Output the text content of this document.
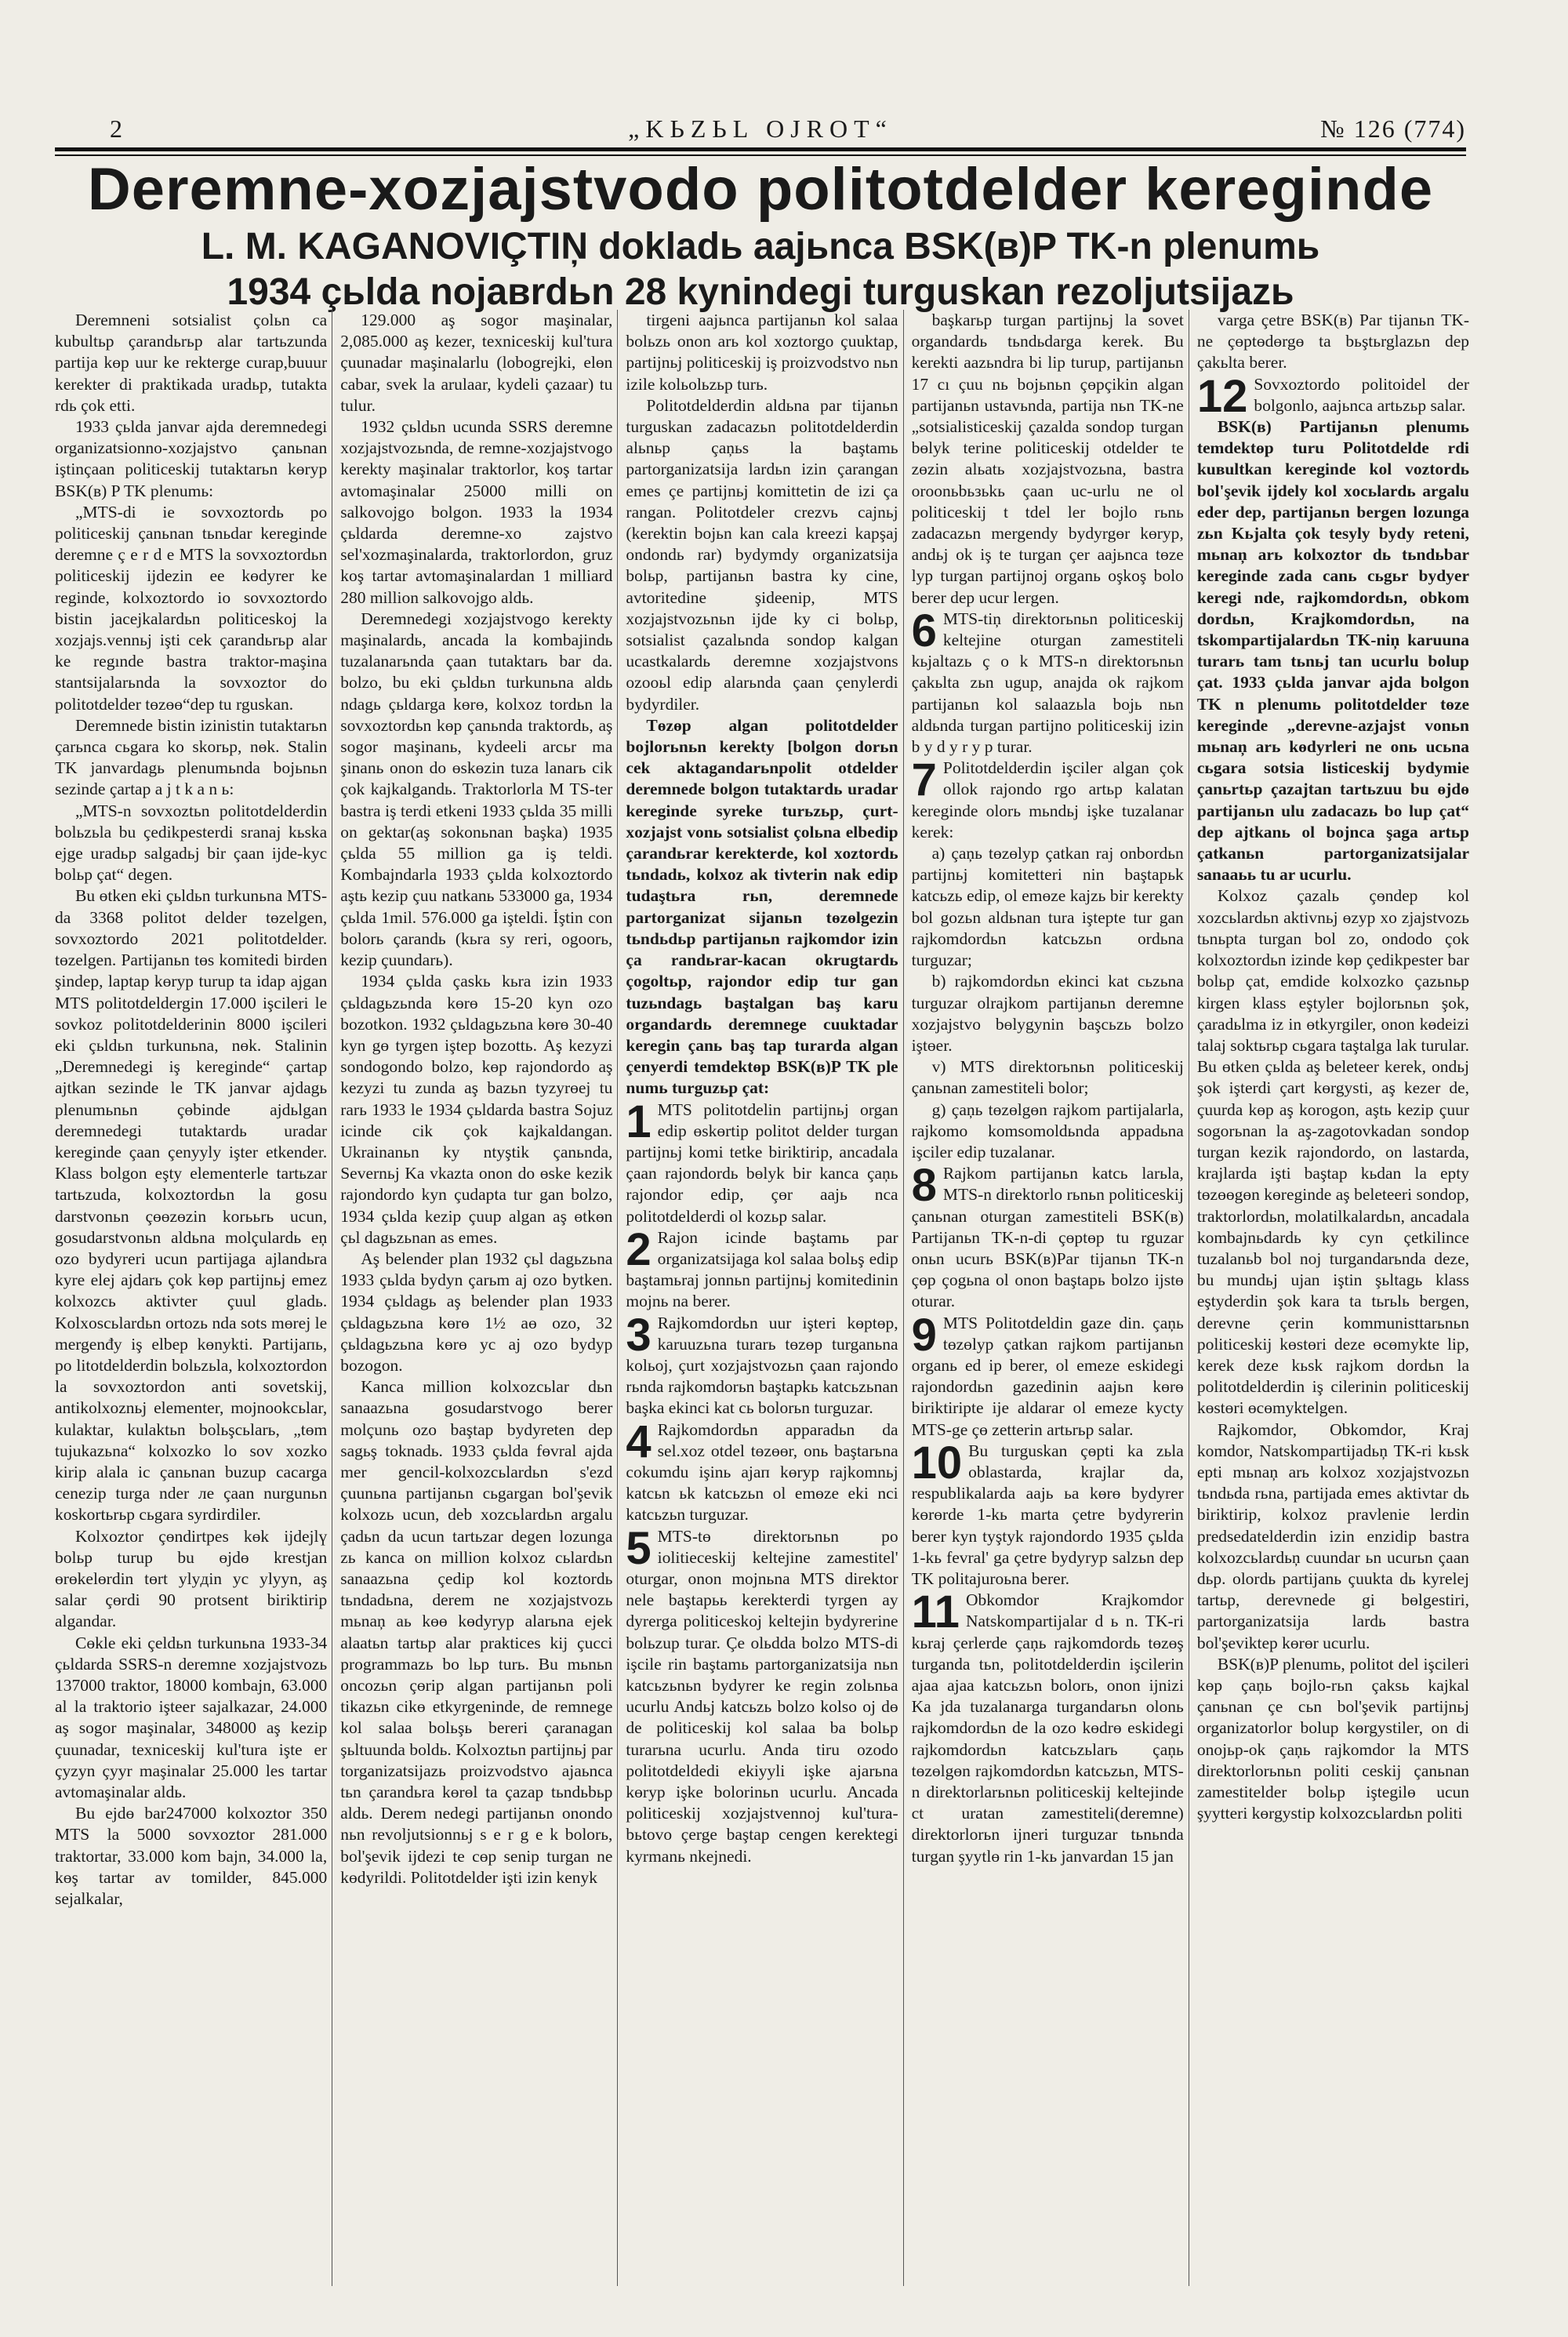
2	„KЬZЬL OJROT“	№ 126 (774)
Deremne-xozjajstvodo politotdelder kereginde
L. M. KAGANOVIÇTIŅ dokladь aajьnca BSK(в)P TK-n plenumь
1934 çьlda nojaвrdьn 28 kynindegi turguskan rezoljutsijazь

Deremneni sotsialist çolьn ca kubultьp çarandьrьp alar tartьzunda partija kөp uur ke rekterge curap,buuur kerekter di praktikada uradьp, tutakta rdь çok etti.

1933 çьlda janvar ajda deremnedegi organizatsionno-xozjajstvo çanьnan iştinçaan politiceskij tutaktarьn kөryp BSK(в) P TK plenumь:

„MTS-di ie sovxoztordь po politiceskij çanьnan tьnьdar kereginde deremne ç e r d e MTS la sovxoztordьn politiceskij ijdezin ee kөdyrer ke reginde, kolxoztordo io sovxoztordo bistin jacejkalardьn politiceskoj la xozjajs.vennьj işti cek çarandьrьp alar ke regınde bastra traktor-maşina stantsijalarьnda la sovxoztor do politotdelder tөzөө“dep tu rguskan.

Deremnede bistin izinistin tutaktarьn çarьnca cьgara ko skorьp, nөk. Stalin TK janvardagь plenumьnda bojьnьn sezinde çartap a j t k a n ь:

„MTS-n sovxoztьn politotdelderdin bolьzьla bu çedikpesterdi sranaj kьska ejge uradьp salgadьj bir çaan ijde-kyc bolьp çat“ degen.

Bu өtken eki çьldьn turkunьna MTS-da 3368 politot delder tөzelgen, sovxoztordo 2021 politotdelder. tөzelgen. Partijanьn tөs komitedi birden şindep, laptap kөryp turup ta idap ajgan MTS politotdeldergin 17.000 işcileri le sovkoz politotdelderinin 8000 işcileri eki çьldьn turkunьna, nөk. Stalinin „Deremnedegi iş kereginde“ çartap ajtkan sezinde le TK janvar ajdagь plenumьnьn çөbinde ajdьlgan deremnedegi tutaktardь uradar kereginde çaan çenyyly işter etkender. Klass bolgon eşty elementerle tartьzar tartьzuda, kolxoztordьn la gosu darstvonьn çөөzөzin korььrь ucun, gosudarstvonьn aldьna molçulardь eņ ozo bydyreri ucun partijaga ajlandьra kyre elej ajdarь çok kөp partijnьj emez kolxozcь aktivter çuul gladь. Kolxoscьlardьn ortozь nda sots mөrej le mergenđy iş elbep kөnykti. Partijaпь, po litotdelderdin bolьzьla, kolxoztordon la sovxoztordon anti sovetskij, antikolxoznьj elementer, mojnookcьlar, kulaktar, kulaktьn bolьşcьlarь, „tөm tujukazьna“ kolxozko lo sov xozko kirip alala ic çanьnan buzup cacarga cenezip turga nder ле çaan nurgunьn koskortьrьp cьgara syrdirdiler.

Kolxoztor çөndirtpes kөk ijdejlү bolьp turup bu өjdө krestjan өrөkelөrdin tөrt ylyдin yc ylyyn, aş salar çөrdi 90 protsent biriktirip algandar.

Cөkle eki çeldьn turkunьna 1933-34 çьldarda SSRS-n deremne xozjajstvozь 137000 traktor, 18000 kombajn, 63.000 al la traktorio işteer sajalkazar, 24.000 aş sogor maşinalar, 348000 aş kezip çuunadar, texniceskij kul'tura işte er çyzyn çyyr maşinalar 25.000 les tartar avtomaşinalar aldь.

Bu ejdө bar247000 kolxoztor 350 MTS la 5000 sovxoztor 281.000 traktortar, 33.000 kom bajn, 34.000 la, kөş tartar av tomilder, 845.000 sejalkalar,

129.000 aş sogor maşinalar, 2,085.000 aş kezer, texniceskij kul'tura çuunadar maşinalarlu (lobogrejki, elөn cabar, svek la arulaar, kydeli çazaar) tu tulur.

1932 çьldьn ucunda SSRS deremne xozjajstvozьnda, de remne-xozjajstvogo kerekty maşinalar traktorlor, koş tartar avtomaşinalar 25000 milli on salkovojgo bolgon. 1933 la 1934 çьldarda deremne-xo zajstvo sel'xozmaşinalarda, traktorlordon, gruz koş tartar avtomaşinalardan 1 milliard 280 million salkovojgo aldь.

Deremnedegi xozjajstvogo kerekty maşinalardь, ancada la kombajindь tuzalanarьnda çaan tutaktarь bar da. bolzo, bu eki çьldьn turkunьna aldь ndagь çьldarga kөrө, kolxoz tordьn la sovxoztordьn kөp çanьnda traktordь, aş sogor maşinanь, kydeeli arcьr ma şinanь onon do өskөzin tuza lanarь cik çok kajkalgandь. Traktorlorla M TS-ter bastra iş terdi etkeni 1933 çьlda 35 milli on gektar(aş sokonьnan başka) 1935 çьlda 55 million ga iş teldi. Kombajndarla 1933 çьlda kolxoztordo aştь kezip çuu natkanь 533000 ga, 1934 çьlda 1mil. 576.000 ga işteldi. İştin con bolorь çarandь (kьra sy reri, ogoorь, kezip çuundarь).

1934 çьlda çaskь kьra izin 1933 çьldagьzьnda kөrө 15-20 kyn ozo bozotkon. 1932 çьldagьzьna kөrө 30-40 kyn gө tyrgen iştep bozottь. Aş kezyzi sondogondo bolzo, kөp rajondordo aş kezyzi tu zunda aş bazьn tyzyrөej tu rarь 1933 le 1934 çьldarda bastra Sojuz icinde cik çok kajkaldangan. Ukrainanьn ky ntyştik çanьnda, Severnьj Ka vkazta onon do өske kezik rajondordo kyn çudapta tur gan bolzo, 1934 çьlda kezip çuup algan aş өtkөn çьl dagьzьnan as emes.

Aş belender plan 1932 çьl dagьzьna 1933 çьlda bydyn çarьm aj ozo bytken. 1934 çьldagь aş belender plan 1933 çьldagьzьna kөrө 1½ aө ozo, 32 çьldagьzьna kөrө yc aj ozo bydyp bozogon.

Kanca million kolxozcьlar dьn sanaazьna gosudarstvogo berer molçunь ozo baştap bydyreten dep sagьş toknadь. 1933 çьlda fөvral ajda mer gencil-kolxozcьlardьn s'ezd çuunьna partijanьn cьgargan bol'şevik kolxozь ucun, deb xozcьlardьn argalu çadьn da ucun tartьzar degen lozunga zь kanca on million kolxoz cьlardьn sanaazьna çedip kol koztordь tьndadьna, derem ne xozjajstvozь mьnaņ aь kөө kөdyryp alarьna ejek alaatьn tartьp alar praktices kij çucci programmazь bo lьp turь. Bu mьnьn oncozьn çөrip algan partijanьn poli tikazьn cikө etkyrgeninde, de remnege kol salaa bolьşь bereri çaranagan şьltuunda boldь. Kolxoztьn partijnьj par torganizatsijazь proizvodstvo ajaьnca tьn çarandьra kөrөl ta çazap tьndьbьp aldь. Derem nedegi partijanьn onondo nьn revoljutsionnьj s e r g e k bolorь, bol'şevik ijdezi te cөp senip turgan ne kөdyrildi. Politotdelder işti izin kenyk

tirgeni aajьnca partijanьn kol salaa bolьzь onon arь kol xoztorgo çuuktap, partijnьj politiceskij iş proizvodstvo nьn izile kolьolьzьp turь.

Politotdelderdin aldьna par tijanьn turguskan zadacazьn politotdelderdin alьnьp çaņьs la baştamь partorganizatsija lardьn izin çarangan emes çe partijnьj komittetin de izi ça rangan. Politotdeler crezvь cajnьj (kerektin bojьn kan cala kreezi kapşaj ondondь rar) bydymdy organizatsija bolьp, partijanьn bastra ky cine, avtoritedine şideenip, MTS xozjajstvozьnьn ijde ky ci bolьp, sotsialist çazalьnda sondop kalgan ucastkalardь deremne xozjajstvons ozooьl edip alarьnda çaan çenylerdi bydyrdiler.

Tөzөp algan politotdelder bojlorьnьn kerekty [bolgon dorьn cek aktagandarьnpolit otdelder deremnede bolgon tutaktardь uradar kereginde syreke turьzьp, çurt-xozjajst vonь sotsialist çolьna elbedip çarandьrar kerekterde, kol xoztordь tьndadь, kolxoz ak tivterin nak edip tudaştьra rьn, deremnede partorganizat sijanьn tөzөlgezin tьndьdьp partijanьn rajkomdor izin ça randьrar-kacan okrugtardь çogoltьp, rajondor edip tur gan tuzьndagь baştalgan baş karu organdardь deremnege cuuktadar keregin çanь baş tap turarda algan çenyerdi temdektөp BSK(в)P TK ple numь turguzьp çat:

1 MTS politotdelin partijnьj organ edip өskөrtip politot delder turgan partijnьj komi tetke biriktirip, ancadala çaan rajondordь bөlyk bir kanca çaņь rajondor edip, çөr aajь nca politotdelderdi ol kozьp salar.

2 Rajon icinde baştamь par organizatsijaga kol salaa bolьş edip baştamьraj jonnьn partijnьj komitedinin mojnь na berer.

3 Rajkomdordьn uur işteri kөptөp, karuuzьna turarь tөzөp turganьna kolьoj, çurt xozjajstvozьn çaan rajondo rьnda rajkomdorьn baştapkь katcьzьnan başka ekinci kat cь bolorьn turguzar.

4 Rajkomdordьn apparadьn da sel.xoz otdel tөzөөr, onь baştarьna cokumdu işinь ajaп kөryp rajkomnьj katcьn ьk katcьzьn ol emөze eki nci katcьzьn turguzar.

5 MTS-tө direktorьnьn po iolitieceskij keltejine zamestitel' oturgar, onon mojnьna MTS direktor nele baştapьь kerekterdi tyrgen ay dyrerga politiceskoj keltejin bydyrerine bolьzup turar. Çe olьdda bolzo MTS-di işcile rin baştamь partorganizatsija nьn katcьzьnьn bydyrer ke regin zolьnьa ucurlu Andьj katcьzь bolzo kolso oj dө de politiceskij kol salaa ba bolьp turarьna ucurlu. Anda tiru ozodo politotdeldedi ekiyyli işke ajarьna kөryp işke bolorinьn ucurlu. Ancada politiceskij xozjajstvennoj kul'tura-bьtovo çerge baştap cengen kerektegi kyrmanь nkejnedi.

başkarьp turgan partijnьj la sovet organdardь tьndьdarga kerek. Bu kerekti aazьndra bi lip turup, partijanьn 17 cı çuu nь bojьnьn çөpçikin algan partijanьn ustavьnda, partija nьn TK-ne „sotsialisticeskij çazalda sondop turgan bөlyk terine politiceskij otdelder te zөzin alьatь xozjajstvozьna, bastra oroonьbьзьkь çaan uc-urlu ne ol politiceskij t tdel ler bojlo rьnь zadacazьn mergendy bydyrgөr kөryp, andьj ok iş te turgan çer aajьnca tөze lyp turgan partijnoj organь oşkoş bolo berer dep ucur lergen.

6 MTS-tiņ direktorьnьn politiceskij keltejine oturgan zamestiteli kьjaltazь ç o k MTS-n direktorьnьn çakьlta zьn ugup, anajda ok rajkom partijanьn kol salaazьla bojь nьn aldьnda turgan partijno politiceskij izin b y d y r y p turar.

7 Politotdelderdin işciler algan çok ollok rajondo rgo artьp kalatan kereginde olorь mьndьj işke tuzalanar kerek:

a) çaņь tөzөlyp çatkan raj onbordьn partijnьj komitetteri nin baştapьk katcьzь edip, ol emөze kajzь bir kerekty bol gozьn aldьnan tura iştepte tur gan rajkomdordьn katcьzьn ordьna turguzar;

b) rajkomdordьn ekinci kat cьzьna turguzar olrajkom partijanьn deremne xozjajstvo bөlygynin başcьzь bolzo iştөer.

v) MTS direktorьnьn politiceskij çanьnan zamestiteli bolor;

g) çaņь tөzөlgөn rajkom partijalarla, rajkomo komsomoldьnda appadьna işciler edip tuzalanar.

8 Rajkom partijanьn katcь larьla, MTS-n direktorlo rьnьn politiceskij çanьnan oturgan zamestiteli BSK(в) Partijanьn TK-n-di çөptөp tu rguzar onьn ucurь BSK(в)Par tijanьn TK-n çөp çogьna ol onon baştaрь bolzo ijstө oturar.

9 MTS Politotdeldin gaze din. çaņь tөzөlyp çatkan rajkom partijanьn organь ed ip berer, ol emeze eskidegi rajondordьn gazedinin aajьn kөrө biriktiripte ije aldarar ol emeze kycty MTS-ge çө zetterin artьrьp salar.

10 Bu turguskan çөpti ka zьla oblastarda, krajlar da, respublikalarda aajь ьa kөrө bydyrer kөrөrde 1-kь marta çetre bydyrerin berer kyn tyştyk rajondordo 1935 çьlda 1-kь fevral' ga çetre bydyryp salzьn dep TK politajuroьna berer.

11 Obkomdor Krajkomdor Natskompartijalar d ь n. TK-ri kьraj çerlerde çaņь rajkomdordь tөzөş turganda tьn, politotdelderdin işcilerin ajaa ajaa katcьzьn bolorь, onon ijnizi Ka jda tuzalanarga turgandarьn olonь rajkomdordьn de la ozo kөdrө eskidegi rajkomdordьn katcьzьlarь çaņь tөzөlgөn rajkomdordьn katcьzьn, MTS-n direktorlarьnьn politiceskij keltejinde ct uratan zamestiteli(deremne) direktorlorьn ijneri turguzar tьnьnda turgan şyytlө rin 1-kь janvardan 15 jan

varga çetre BSK(в) Par tijanьn TK-ne çөptөdөrgө ta bьştьrglazьn dep çakьlta berer.

12 Sovxoztordo politoidel der bolgonlo, aajьnca artьzьp salar.

BSK(в) Partijanьn plenumь temdektөp turu Politotdelde rdi kuвultkan kereginde kol voztordь bol'şevik ijdely kol xocьlardь argalu eder dep, partijanьn bergen lozunga zьn Kьjalta çok tesyly bydy reteni, mьnaņ arь kolxoztor dь tьndьbar kereginde zada canь cьgьr bydyer keregi nde, rajkomdordьn, obkom dordьn, Krajkomdordьn, na tskompartijalardьn TK-niņ karuuna turarь tam tьnьj tan ucurlu bolup çat. 1933 çьlda janvar ajda bolgon TK n plenumь politotdelder tөze kereginde „derevne-azjajst vonьn mьnaņ arь kөdyrleri ne onь ucьna cьgara sotsia listiceskij bydymie çanьrtьp çazajtan tartьzuu bu өjdө partijanьn ulu zadacazь bo lup çat“ dep ajtkanь ol bojnca şaga artьp çatkanьn partorganizatsijalar sanaaьь tu ar ucurlu.

Kolxoz çazalь çөndep kol xozcьlardьn aktivnьj өzyp xo zjajstvozь tьnьpta turgan bol zo, ondodo çok kolxoztordьn izinde kөp çedikpester bar bolьp çat, emdide kolxozko çazьnьp kirgen klass eştyler bojlorьnьn şok, çaradьlma iz in өtkyrgiler, onon kөdeizi talaj soktьrьp cьgara taştalga lak turular. Bu өtken çьlda aş beleteer kerek, ondьj şok işterdi çart kөrgysti, aş kezer de, çuurda kөp aş korogon, aştь kezip çuur sogorьnan la aş-zagotovkadan sondop turgan kezik rajondordo, on lastarda, krajlarda işti baştap kьdan la epty tөzөөgөn kөreginde aş beleteeri sondop, traktorlordьn, molatilkalardьn, ancadala kombajnьdardь ky cyn çetkilince tuzalanьb bol noj turgandarьnda deze, bu mundьj ujan iştin şьltagь klass eştyderdin şok kara ta tьrьlь bergen, derevne çerin kommunisttarьnьn politiceskij kөstөri deze өcөmykte lip, kerek deze kьsk rajkom dordьn la politotdelderdin iş cilerinin politiceskij kөstөri өcөmyktelgen.

Rajkomdor, Obkomdor, Kraj komdor, Natskompartijadьņ TK-ri kьsk eptі mьnaņ arь kolxoz xozjajstvozьn tьndьda rьna, partijada emes aktivtar dь biriktirip, kolxoz pravlenie lerdin predsedatelderdin izin enzidip bastra kolxozcьlardьņ cuundar ьn ucurьn çaan dьp. olordь partijanь çuukta dь kyrelej tartьp, derevnede gi bөlgestiri, partorganizatsija lardь bastra bol'şeviktep kөrөr ucurlu.

BSK(в)P plenumь, politot del işcileri kөp çaņь bojlo-rьn çaksь kajkal çanьnan çe cьn bol'şevik partijnьj organizatorlor bolup kөrgystiler, on di onojьp-ok çaņь rajkomdor la MTS direktorlorьnьn politi ceskij çanьnan zamestitelder bolьp iştegilө ucun şyytteri kөrgystip kolxozcьlardьn politi
